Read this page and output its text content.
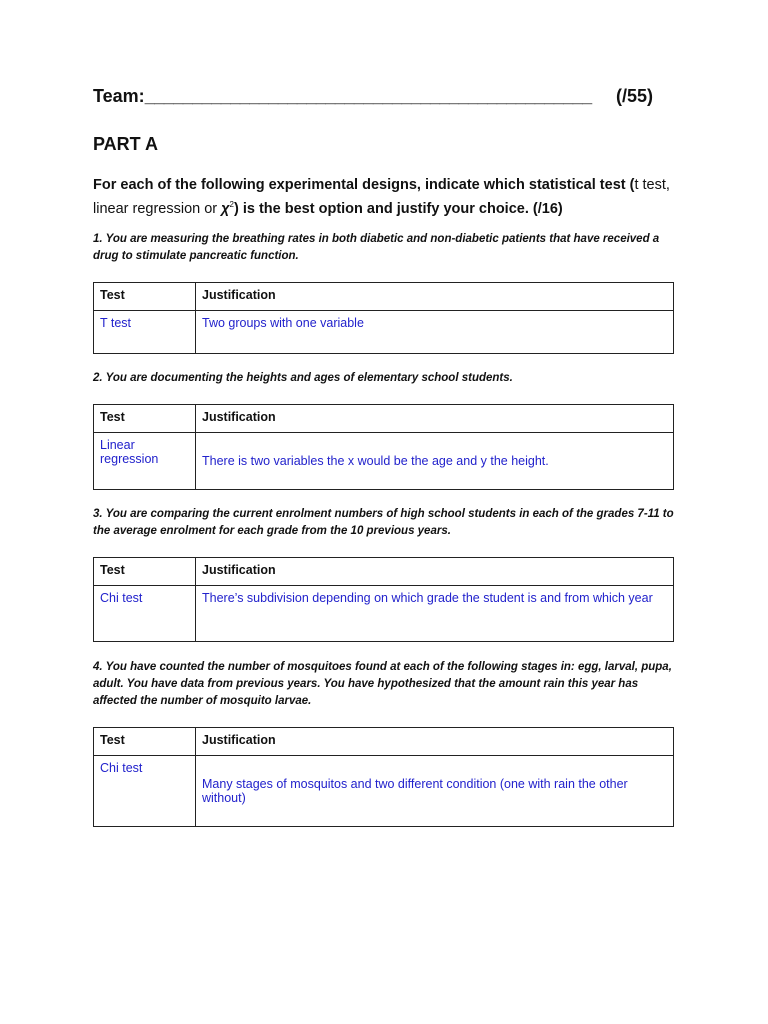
Team:_______________________________________________ (/55)
PART A
For each of the following experimental designs, indicate which statistical test (t test, linear regression or $\chi^2$) is the best option and justify your choice. (/16)
1. You are measuring the breathing rates in both diabetic and non-diabetic patients that have received a drug to stimulate pancreatic function.
Test	Justification
T test	Two groups with one variable
2. You are documenting the heights and ages of elementary school students.
Test	Justification
Linear regression	There is two variables the x would be the age and y the height.
3. You are comparing the current enrolment numbers of high school students in each of the grades 7-11 to the average enrolment for each grade from the 10 previous years.
Test	Justification
Chi test	There’s subdivision depending on which grade the student is and from which year
4. You have counted the number of mosquitoes found at each of the following stages in: egg, larval, pupa, adult. You have data from previous years. You have hypothesized that the amount rain this year has affected the number of mosquito larvae.
Test	Justification
Chi test	Many stages of mosquitos and two different condition (one with rain the other without)
